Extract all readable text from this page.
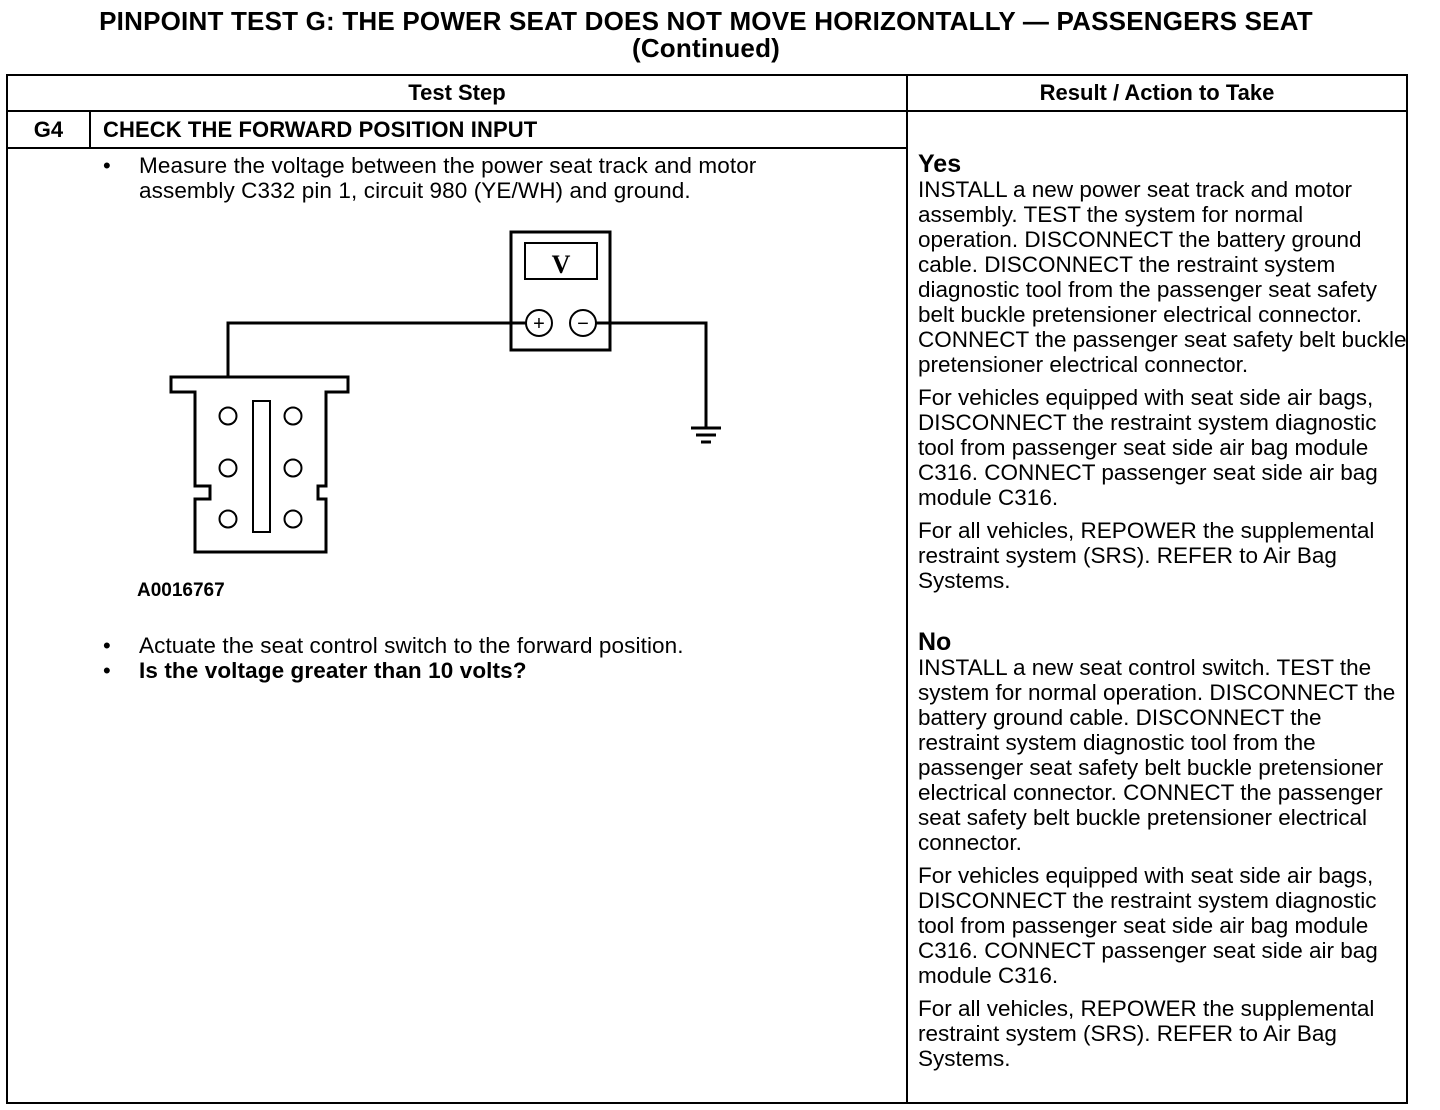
PINPOINT TEST G: THE POWER SEAT DOES NOT MOVE HORIZONTALLY — PASSENGERS SEAT
(Continued)
Test Step	Result / Action to Take
G4	CHECK THE FORWARD POSITION INPUT
• Measure the voltage between the power seat track and motor
assembly C332 pin 1, circuit 980 (YE/WH) and ground.
V
+ −
A0016767
• Actuate the seat control switch to the forward position.
• Is the voltage greater than 10 volts?
Yes
INSTALL a new power seat track and motor assembly. TEST the system for normal operation. DISCONNECT the battery ground cable. DISCONNECT the restraint system diagnostic tool from the passenger seat safety belt buckle pretensioner electrical connector. CONNECT the passenger seat safety belt buckle pretensioner electrical connector.
For vehicles equipped with seat side air bags, DISCONNECT the restraint system diagnostic tool from passenger seat side air bag module C316. CONNECT passenger seat side air bag module C316.
For all vehicles, REPOWER the supplemental restraint system (SRS). REFER to Air Bag Systems.
No
INSTALL a new seat control switch. TEST the system for normal operation. DISCONNECT the battery ground cable. DISCONNECT the restraint system diagnostic tool from the passenger seat safety belt buckle pretensioner electrical connector. CONNECT the passenger seat safety belt buckle pretensioner electrical connector.
For vehicles equipped with seat side air bags, DISCONNECT the restraint system diagnostic tool from passenger seat side air bag module C316. CONNECT passenger seat side air bag module C316.
For all vehicles, REPOWER the supplemental restraint system (SRS). REFER to Air Bag Systems.
